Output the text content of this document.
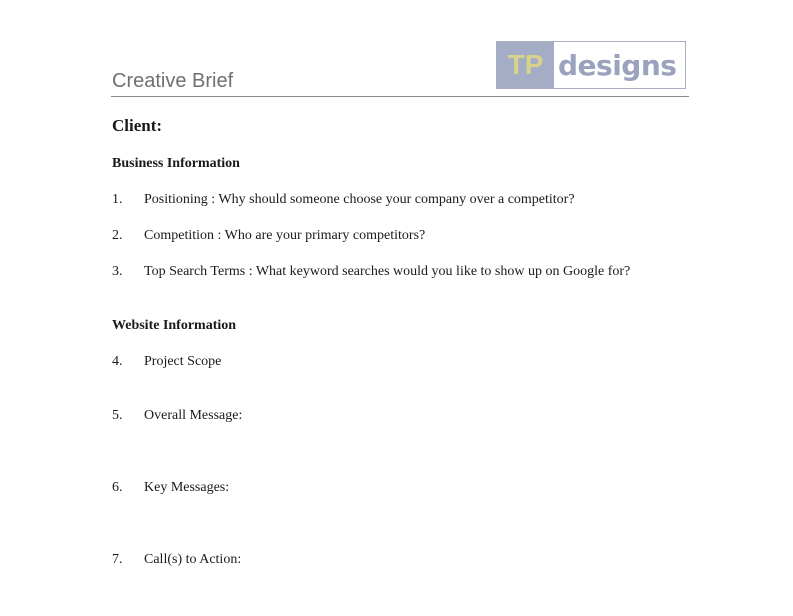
Creative Brief
TP designs
Client:
Business Information
1. Positioning : Why should someone choose your company over a competitor?
2. Competition : Who are your primary competitors?
3. Top Search Terms : What keyword searches would you like to show up on Google for?
Website Information
4. Project Scope
5. Overall Message:
6. Key Messages:
7. Call(s) to Action:
